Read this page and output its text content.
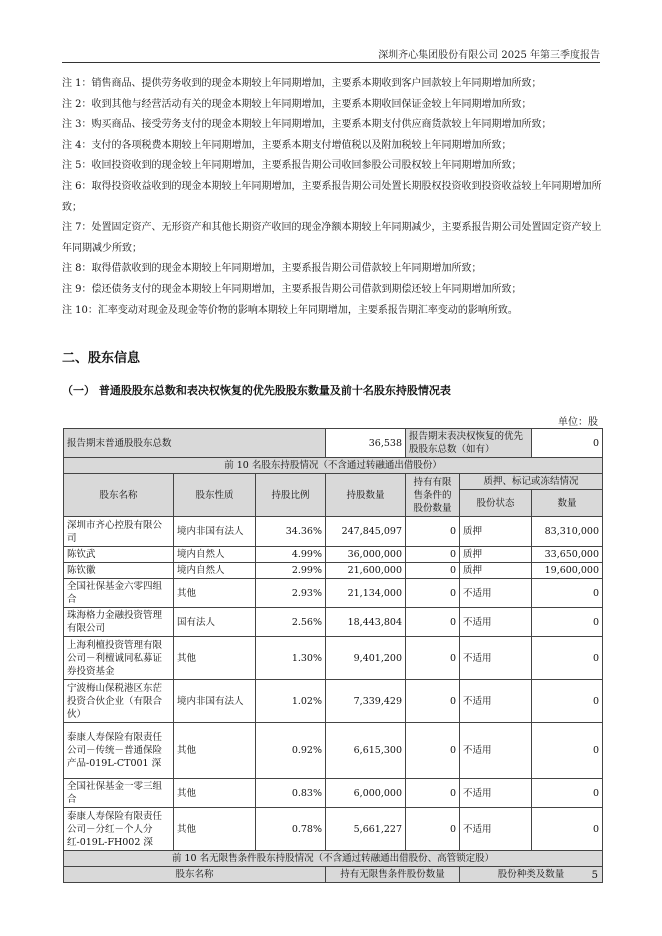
深圳齐心集团股份有限公司 2025 年第三季度报告

注 1：销售商品、提供劳务收到的现金本期较上年同期增加，主要系本期收到客户回款较上年同期增加所致；

注 2：收到其他与经营活动有关的现金本期较上年同期增加，主要系本期收回保证金较上年同期增加所致；

注 3：购买商品、接受劳务支付的现金本期较上年同期增加，主要系本期支付供应商货款较上年同期增加所致；

注 4：支付的各项税费本期较上年同期增加，主要系本期支付增值税以及附加税较上年同期增加所致；

注 5：收回投资收到的现金较上年同期增加，主要系报告期公司收回参股公司股权较上年同期增加所致；

注 6：取得投资收益收到的现金本期较上年同期增加，主要系报告期公司处置长期股权投资收到投资收益较上年同期增加所致；

注 7：处置固定资产、无形资产和其他长期资产收回的现金净额本期较上年同期减少，主要系报告期公司处置固定资产较上年同期减少所致；

注 8：取得借款收到的现金本期较上年同期增加，主要系报告期公司借款较上年同期增加所致；

注 9：偿还债务支付的现金本期较上年同期增加，主要系报告期公司借款到期偿还较上年同期增加所致；

注 10：汇率变动对现金及现金等价物的影响本期较上年同期增加，主要系报告期汇率变动的影响所致。

二、股东信息
（一） 普通股股东总数和表决权恢复的优先股股东数量及前十名股东持股情况表
单位：股
报告期末普通股股东总数			36,538	报告期末表决权恢复的优先股股东总数（如有）		0
前 10 名股东持股情况（不含通过转融通出借股份）						
股东名称	股东性质	持股比例	持股数量	持有有限售条件的股份数量	质押、标记或冻结情况	
					股份状态	数量
深圳市齐心控股有限公司	境内非国有法人	34.36%	247,845,097	0	质押	83,310,000
陈钦武	境内自然人	4.99%	36,000,000	0	质押	33,650,000
陈钦徽	境内自然人	2.99%	21,600,000	0	质押	19,600,000
全国社保基金六零四组合	其他	2.93%	21,134,000	0	不适用	0
珠海格力金融投资管理有限公司	国有法人	2.56%	18,443,804	0	不适用	0
上海利檀投资管理有限公司－利檀诚同私募证券投资基金	其他	1.30%	9,401,200	0	不适用	0
宁波梅山保税港区东茫投资合伙企业（有限合伙）	境内非国有法人	1.02%	7,339,429	0	不适用	0
泰康人寿保险有限责任公司－传统－普通保险产品-019L-CT001 深	其他	0.92%	6,615,300	0	不适用	0
全国社保基金一零三组合	其他	0.83%	6,000,000	0	不适用	0
泰康人寿保险有限责任公司－分红－个人分红-019L-FH002 深	其他	0.78%	5,661,227	0	不适用	0
前 10 名无限售条件股东持股情况（不含通过转融通出借股份、高管锁定股）						
股东名称			持有无限售条件股份数量		股份种类及数量		5
